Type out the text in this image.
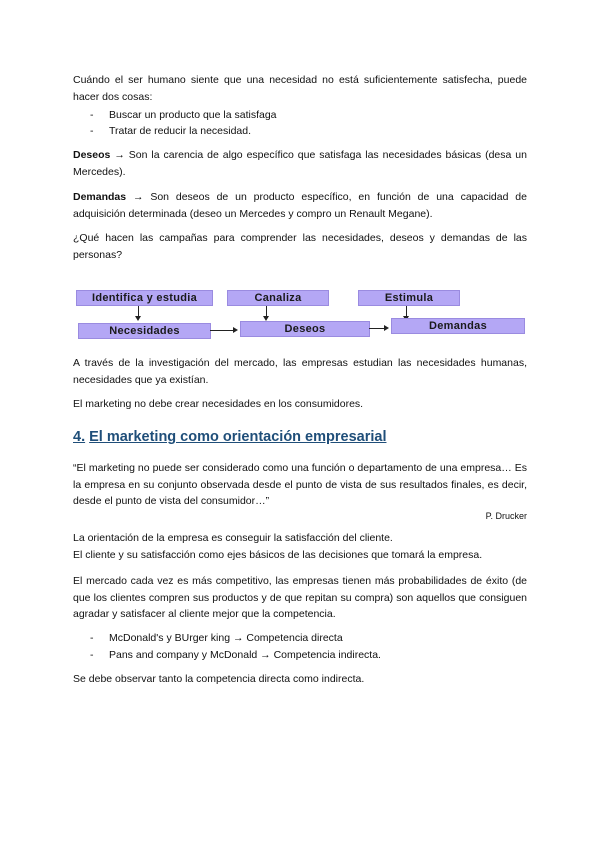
Cuándo el ser humano siente que una necesidad no está suficientemente satisfecha, puede hacer dos cosas:

- Buscar un producto que la satisfaga
- Tratar de reducir la necesidad.

Deseos → Son la carencia de algo específico que satisfaga las necesidades básicas (desa un Mercedes).

Demandas → Son deseos de un producto específico, en función de una capacidad de adquisición determinada (deseo un Mercedes y compro un Renault Megane).

¿Qué hacen las campañas para comprender las necesidades, deseos y demandas de las personas?

Identifica y estudia	Canaliza	Estimula
Necesidades	Deseos	Demandas

A través de la investigación del mercado, las empresas estudian las necesidades humanas, necesidades que ya existían.

El marketing no debe crear necesidades en los consumidores.

4. El marketing como orientación empresarial

“El marketing no puede ser considerado como una función o departamento de una empresa… Es la empresa en su conjunto observada desde el punto de vista de sus resultados finales, es decir, desde el punto de vista del consumidor…”

P. Drucker

La orientación de la empresa es conseguir la satisfacción del cliente.
El cliente y su satisfacción como ejes básicos de las decisiones que tomará la empresa.

El mercado cada vez es más competitivo, las empresas tienen más probabilidades de éxito (de que los clientes compren sus productos y de que repitan su compra) son aquellos que consiguen agradar y satisfacer al cliente mejor que la competencia.

- McDonald's y BUrger king → Competencia directa
- Pans and company y McDonald → Competencia indirecta.

Se debe observar tanto la competencia directa como indirecta.
